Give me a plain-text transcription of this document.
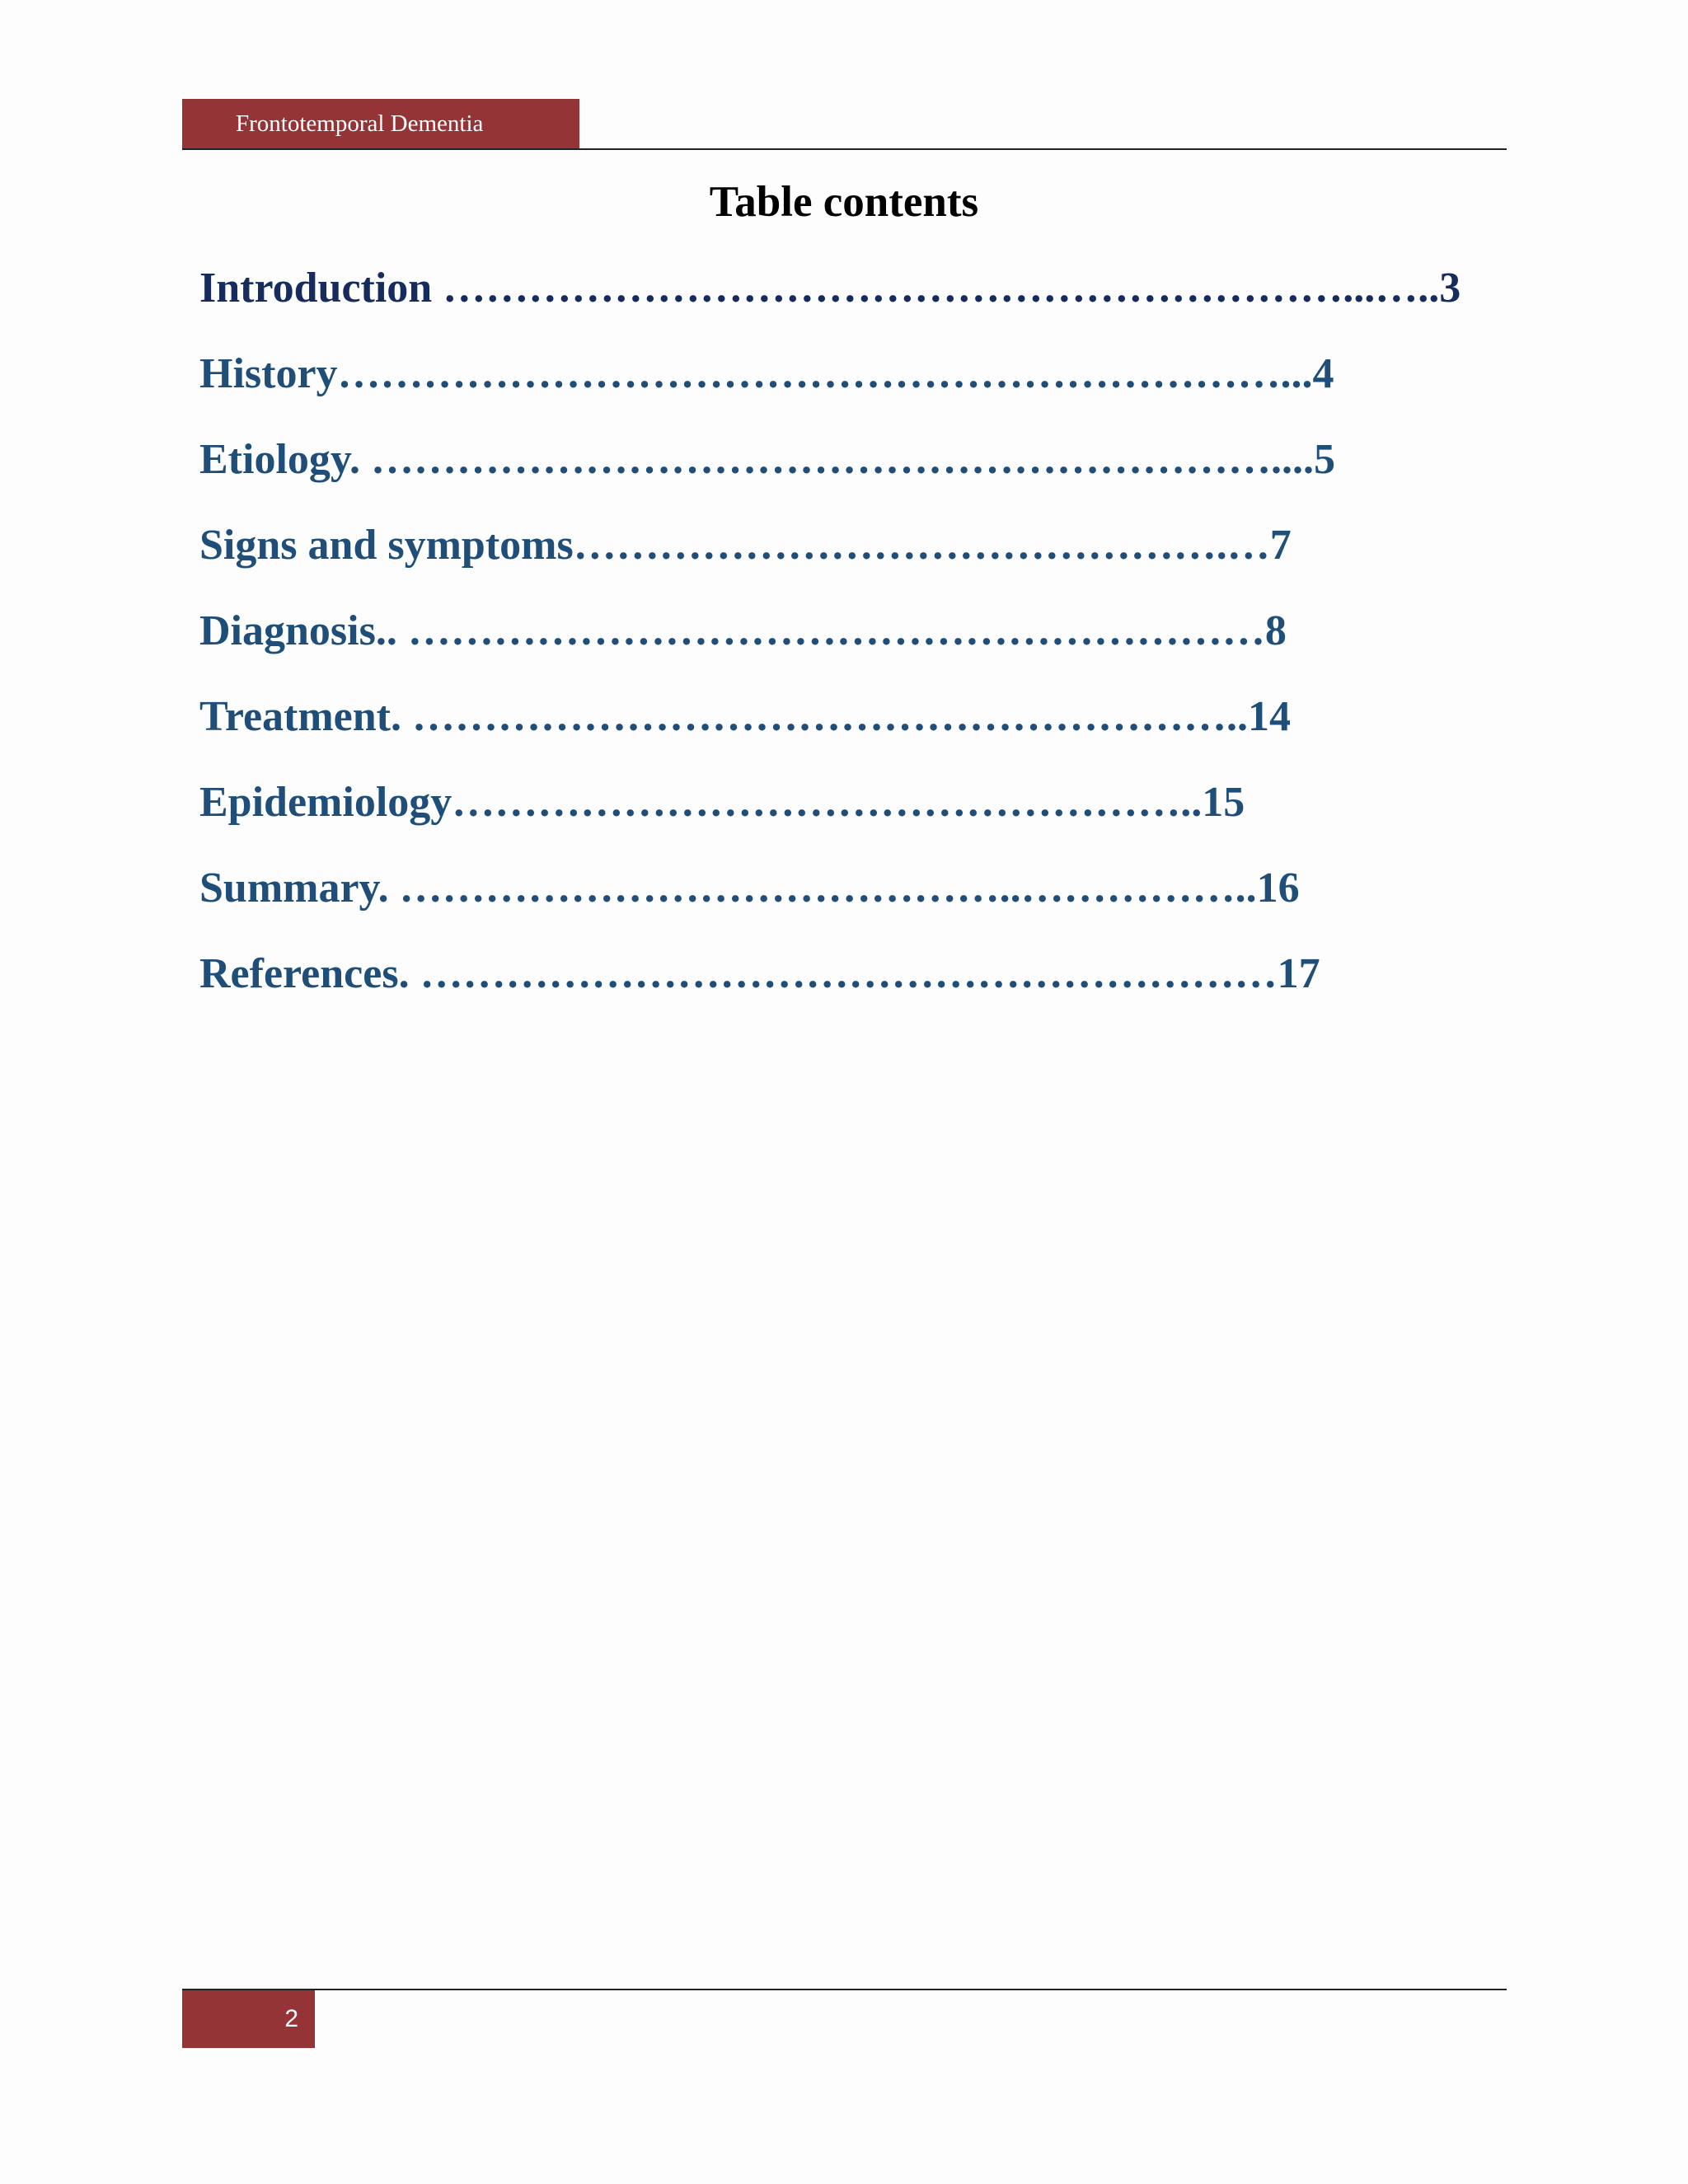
Frontotemporal Dementia
Table contents
Introduction ………………………………………………………...…..3
History…………………………………………………………...4
Etiology. ………………………………………………………....5
Signs and symptoms……………………………………….…7
Diagnosis.. ……………………………………………………8
Treatment. …………………………………………………..14
Epidemiology……………………………………………..15
Summary. ……………………………………..……………..16
References. ……………………………………………………17
2
